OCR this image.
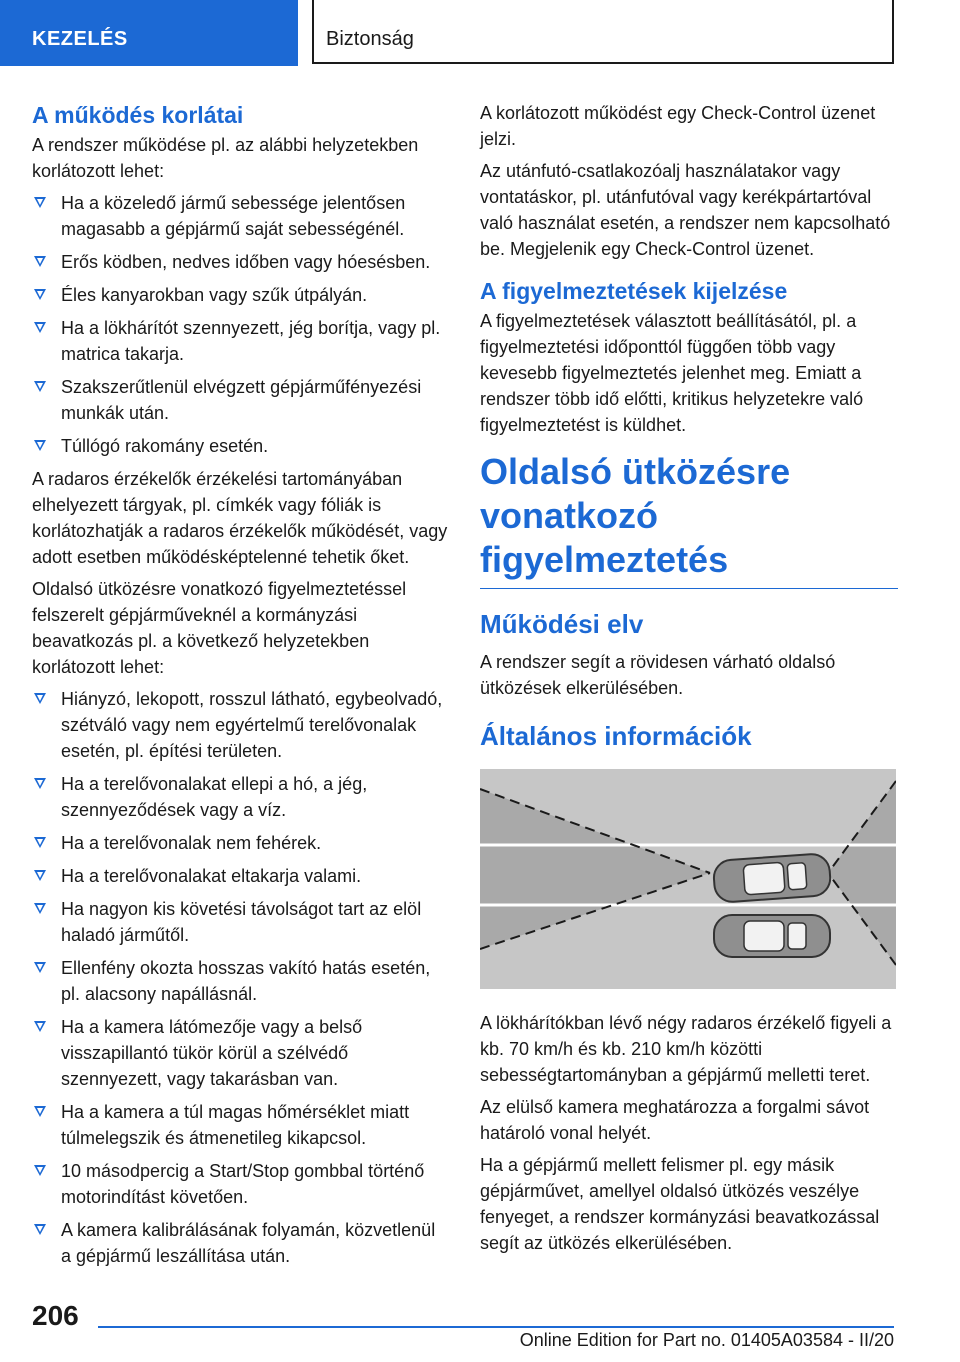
KEZELÉS	Biztonság
A működés korlátai

A rendszer működése pl. az alábbi helyzetekben korlátozott lehet:

Ha a közeledő jármű sebessége jelentősen magasabb a gépjármű saját sebességénél.
Erős ködben, nedves időben vagy hóesésben.
Éles kanyarokban vagy szűk útpályán.
Ha a lökhárítót szennyezett, jég borítja, vagy pl. matrica takarja.
Szakszerűtlenül elvégzett gépjárműfényezési munkák után.
Túllógó rakomány esetén.

A radaros érzékelők érzékelési tartományában elhelyezett tárgyak, pl. címkék vagy fóliák is korlátozhatják a radaros érzékelők működését, vagy adott esetben működésképtelenné tehetik őket.

Oldalsó ütközésre vonatkozó figyelmeztetéssel felszerelt gépjárműveknél a kormányzási beavatkozás pl. a következő helyzetekben korlátozott lehet:

Hiányzó, lekopott, rosszul látható, egybeolvadó, szétváló vagy nem egyértelmű terelővonalak esetén, pl. építési területen.
Ha a terelővonalakat ellepi a hó, a jég, szennyeződések vagy a víz.
Ha a terelővonalak nem fehérek.
Ha a terelővonalakat eltakarja valami.
Ha nagyon kis követési távolságot tart az elöl haladó járműtől.
Ellenfény okozta hosszas vakító hatás esetén, pl. alacsony napállásnál.
Ha a kamera látómezője vagy a belső visszapillantó tükör körül a szélvédő szennyezett, vagy takarásban van.
Ha a kamera a túl magas hőmérséklet miatt túlmelegszik és átmenetileg kikapcsol.
10 másodpercig a Start/Stop gombbal történő motorindítást követően.
A kamera kalibrálásának folyamán, közvetlenül a gépjármű leszállítása után.

A korlátozott működést egy Check-Control üzenet jelzi.

Az utánfutó-csatlakozóalj használatakor vagy vontatáskor, pl. utánfutóval vagy kerékpártartóval való használat esetén, a rendszer nem kapcsolható be. Megjelenik egy Check-Control üzenet.

A figyelmeztetések kijelzése

A figyelmeztetések választott beállításától, pl. a figyelmeztetési időponttól függően több vagy kevesebb figyelmeztetés jelenhet meg. Emiatt a rendszer több idő előtti, kritikus helyzetekre való figyelmeztetést is küldhet.

Oldalsó ütközésre vonatkozó figyelmeztetés
Működési elv

A rendszer segít a rövidesen várható oldalsó ütközések elkerülésében.

Általános információk

A lökhárítókban lévő négy radaros érzékelő figyeli a kb. 70 km/h és kb. 210 km/h közötti sebességtartományban a gépjármű melletti teret.

Az elülső kamera meghatározza a forgalmi sávot határoló vonal helyét.

Ha a gépjármű mellett felismer pl. egy másik gépjárművet, amellyel oldalsó ütközés veszélye fenyeget, a rendszer kormányzási beavatkozással segít az ütközés elkerülésében.

206
Online Edition for Part no. 01405A03584 - II/20
